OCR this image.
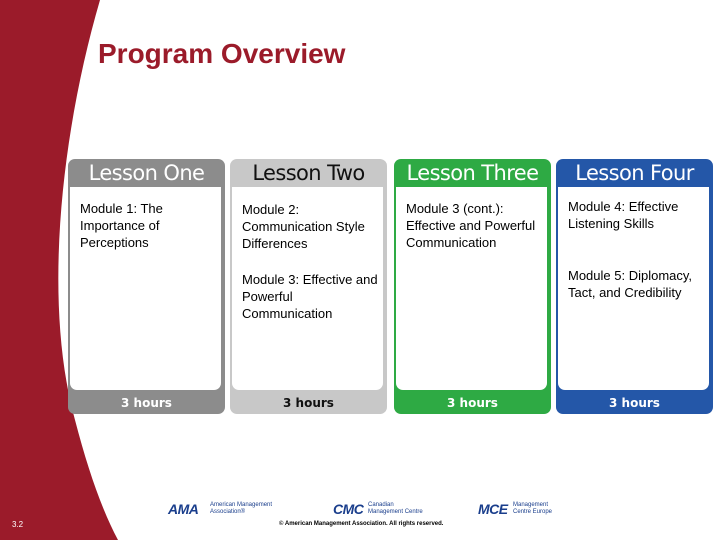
Program Overview
Lesson One
Module 1: The Importance of Perceptions
3 hours
Lesson Two
Module 2: Communication Style Differences
Module 3: Effective and Powerful Communication
3 hours
Lesson Three
Module 3 (cont.): Effective and Powerful Communication
3 hours
Lesson Four
Module 4: Effective Listening Skills
Module 5: Diplomacy, Tact, and Credibility
3 hours
AMA American Management
Association®	CMC Canadian
Management Centre	MCE Management
Centre Europe
© American Management Association. All rights reserved.
3.2
